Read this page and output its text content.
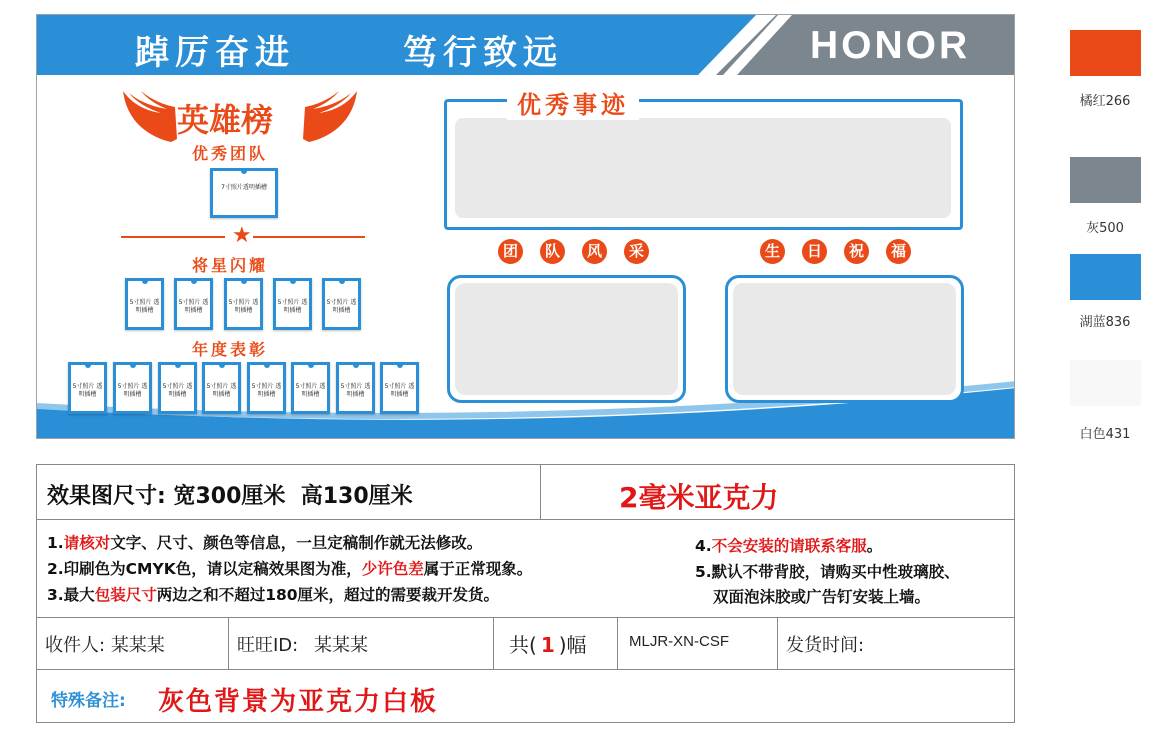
踔厉奋进	笃行致远	HONOR
英雄榜
优秀团队
7寸照片透明插槽
★
将星闪耀
5寸照片 透明插槽
5寸照片 透明插槽
5寸照片 透明插槽
5寸照片 透明插槽
5寸照片 透明插槽
年度表彰
5寸照片 透明插槽
5寸照片 透明插槽
5寸照片 透明插槽
5寸照片 透明插槽
5寸照片 透明插槽
5寸照片 透明插槽
5寸照片 透明插槽
5寸照片 透明插槽
优秀事迹
团	队	风	采	生	日	祝	福
橘红266
灰500
湖蓝836
白色431
效果图尺寸: 宽300厘米  高130厘米	2毫米亚克力
1.请核对文字、尺寸、颜色等信息，一旦定稿制作就无法修改。
2.印刷色为CMYK色，请以定稿效果图为准，少许色差属于正常现象。
3.最大包装尺寸两边之和不超过180厘米，超过的需要裁开发货。
4.不会安装的请联系客服。
5.默认不带背胶，请购买中性玻璃胶、
双面泡沫胶或广告钉安装上墙。
收件人: 某某某	旺旺ID: 某某某	共( 1 )幅	MLJR-XN-CSF	发货时间:
特殊备注: 灰色背景为亚克力白板
